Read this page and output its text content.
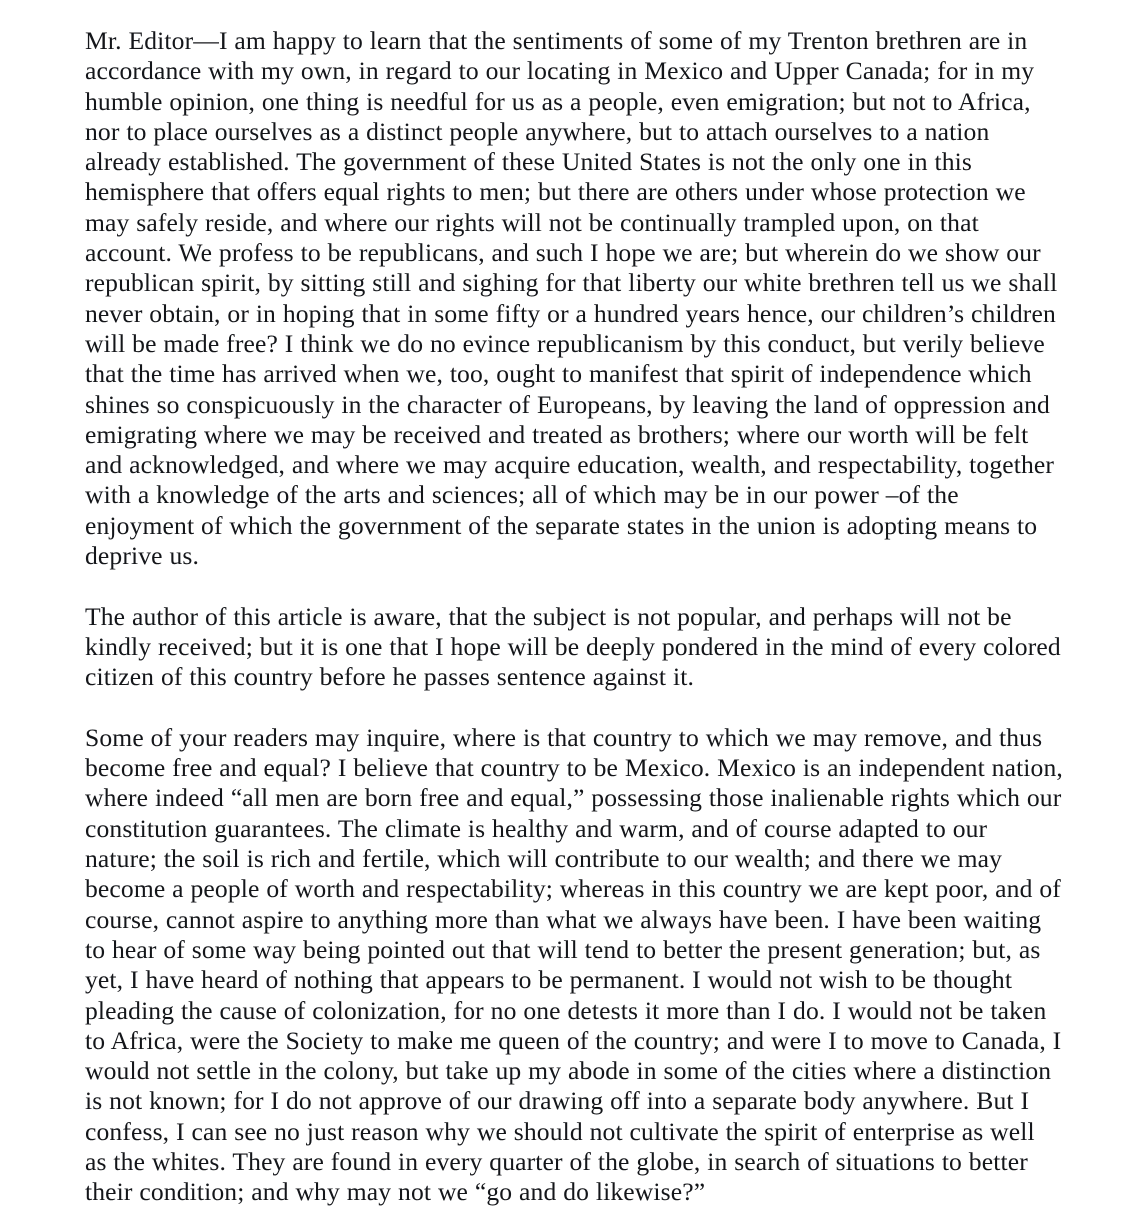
Mr. Editor—I am happy to learn that the sentiments of some of my Trenton brethren are in accordance with my own, in regard to our locating in Mexico and Upper Canada; for in my humble opinion, one thing is needful for us as a people, even emigration; but not to Africa, nor to place ourselves as a distinct people anywhere, but to attach ourselves to a nation already established. The government of these United States is not the only one in this hemisphere that offers equal rights to men; but there are others under whose protection we may safely reside, and where our rights will not be continually trampled upon, on that account. We profess to be republicans, and such I hope we are; but wherein do we show our republican spirit, by sitting still and sighing for that liberty our white brethren tell us we shall never obtain, or in hoping that in some fifty or a hundred years hence, our children’s children will be made free? I think we do no evince republicanism by this conduct, but verily believe that the time has arrived when we, too, ought to manifest that spirit of independence which shines so conspicuously in the character of Europeans, by leaving the land of oppression and emigrating where we may be received and treated as brothers; where our worth will be felt and acknowledged, and where we may acquire education, wealth, and respectability, together with a knowledge of the arts and sciences; all of which may be in our power –of the enjoyment of which the government of the separate states in the union is adopting means to deprive us.

The author of this article is aware, that the subject is not popular, and perhaps will not be kindly received; but it is one that I hope will be deeply pondered in the mind of every colored citizen of this country before he passes sentence against it.

Some of your readers may inquire, where is that country to which we may remove, and thus become free and equal? I believe that country to be Mexico. Mexico is an independent nation, where indeed “all men are born free and equal,” possessing those inalienable rights which our constitution guarantees. The climate is healthy and warm, and of course adapted to our nature; the soil is rich and fertile, which will contribute to our wealth; and there we may become a people of worth and respectability; whereas in this country we are kept poor, and of course, cannot aspire to anything more than what we always have been. I have been waiting to hear of some way being pointed out that will tend to better the present generation; but, as yet, I have heard of nothing that appears to be permanent. I would not wish to be thought pleading the cause of colonization, for no one detests it more than I do. I would not be taken to Africa, were the Society to make me queen of the country; and were I to move to Canada, I would not settle in the colony, but take up my abode in some of the cities where a distinction is not known; for I do not approve of our drawing off into a separate body anywhere. But I confess, I can see no just reason why we should not cultivate the spirit of enterprise as well as the whites. They are found in every quarter of the globe, in search of situations to better their condition; and why may not we “go and do likewise?”
